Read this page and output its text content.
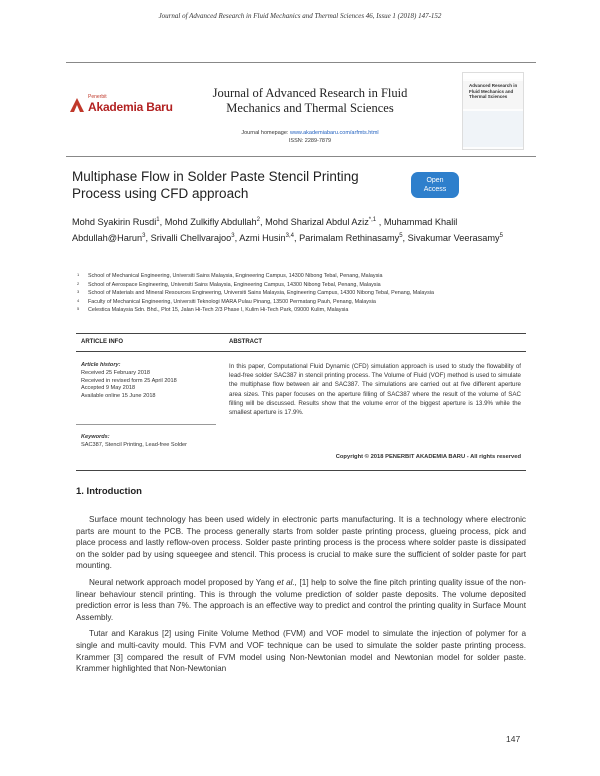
Journal of Advanced Research in Fluid Mechanics and Thermal Sciences 46, Issue 1 (2018) 147-152
Penerbit
Akademia Baru
Journal of Advanced Research in Fluid Mechanics and Thermal Sciences
Journal homepage: www.akademiabaru.com/arfmts.html
ISSN: 2289-7879
Advanced Research in Fluid Mechanics and Thermal Sciences
Multiphase Flow in Solder Paste Stencil Printing Process using CFD approach
Open
Access
Mohd Syakirin Rusdi$^1$, Mohd Zulkifly Abdullah$^2$, Mohd Sharizal Abdul Aziz$^{*,1}$ , Muhammad Khalil Abdullah@Harun$^3$, Srivalli Chellvarajoo$^3$, Azmi Husin$^{3,4}$, Parimalam Rethinasamy$^5$, Sivakumar Veerasamy$^5$
1 School of Mechanical Engineering, Universiti Sains Malaysia, Engineering Campus, 14300 Nibong Tebal, Penang, Malaysia
2 School of Aerospace Engineering, Universiti Sains Malaysia, Engineering Campus, 14300 Nibong Tebal, Penang, Malaysia
3 School of Materials and Mineral Resources Engineering, Universiti Sains Malaysia, Engineering Campus, 14300 Nibong Tebal, Penang, Malaysia
4 Faculty of Mechanical Engineering, Universiti Teknologi MARA Pulau Pinang, 13500 Permatang Pauh, Penang, Malaysia
5 Celestica Malaysia Sdn. Bhd., Plot 15, Jalan Hi-Tech 2/3 Phase I, Kulim Hi-Tech Park, 09000 Kulim, Malaysia
ARTICLE INFO	ABSTRACT
Article history:
Received 25 February 2018
Received in revised form 25 April 2018
Accepted 9 May 2018
Available online 15 June 2018
Keywords:
SAC387, Stencil Printing, Lead-free Solder
In this paper, Computational Fluid Dynamic (CFD) simulation approach is used to study the flowability of lead-free solder SAC387 in stencil printing process. The Volume of Fluid (VOF) method is used to simulate the multiphase flow between air and SAC387. The simulations are carried out at five different aperture area sizes. This paper focuses on the aperture filling of SAC387 where the result of the volume of SAC filling will be discussed. Results show that the volume error of the biggest aperture is 13.9% while the smallest aperture is 17.9%.
Copyright © 2018 PENERBIT AKADEMIA BARU - All rights reserved
1. Introduction

Surface mount technology has been used widely in electronic parts manufacturing. It is a technology where electronic parts are mount to the PCB. The process generally starts from solder paste printing process, glueing process, pick and place process and lastly reflow-oven process. Solder paste printing process is the process where solder paste is dissipated on the solder pad by using squeegee and stencil. This process is crucial to make sure the sufficient of solder paste for part mounting.

Neural network approach model proposed by Yang et al., [1] help to solve the fine pitch printing quality issue of the non-linear behaviour stencil printing. This is through the volume prediction of solder paste deposits. The volume deposited prediction error is less than 7%. The approach is an effective way to predict and control the printing quality in Surface Mount Assembly.

Tutar and Karakus [2] using Finite Volume Method (FVM) and VOF model to simulate the injection of polymer for a single and multi-cavity mould. This FVM and VOF technique can be used to simulate the solder paste printing process. Krammer [3] compared the result of FVM model using Non-Newtonian model and Newtonian model for solder paste. Krammer highlighted that Non-Newtonian

147
